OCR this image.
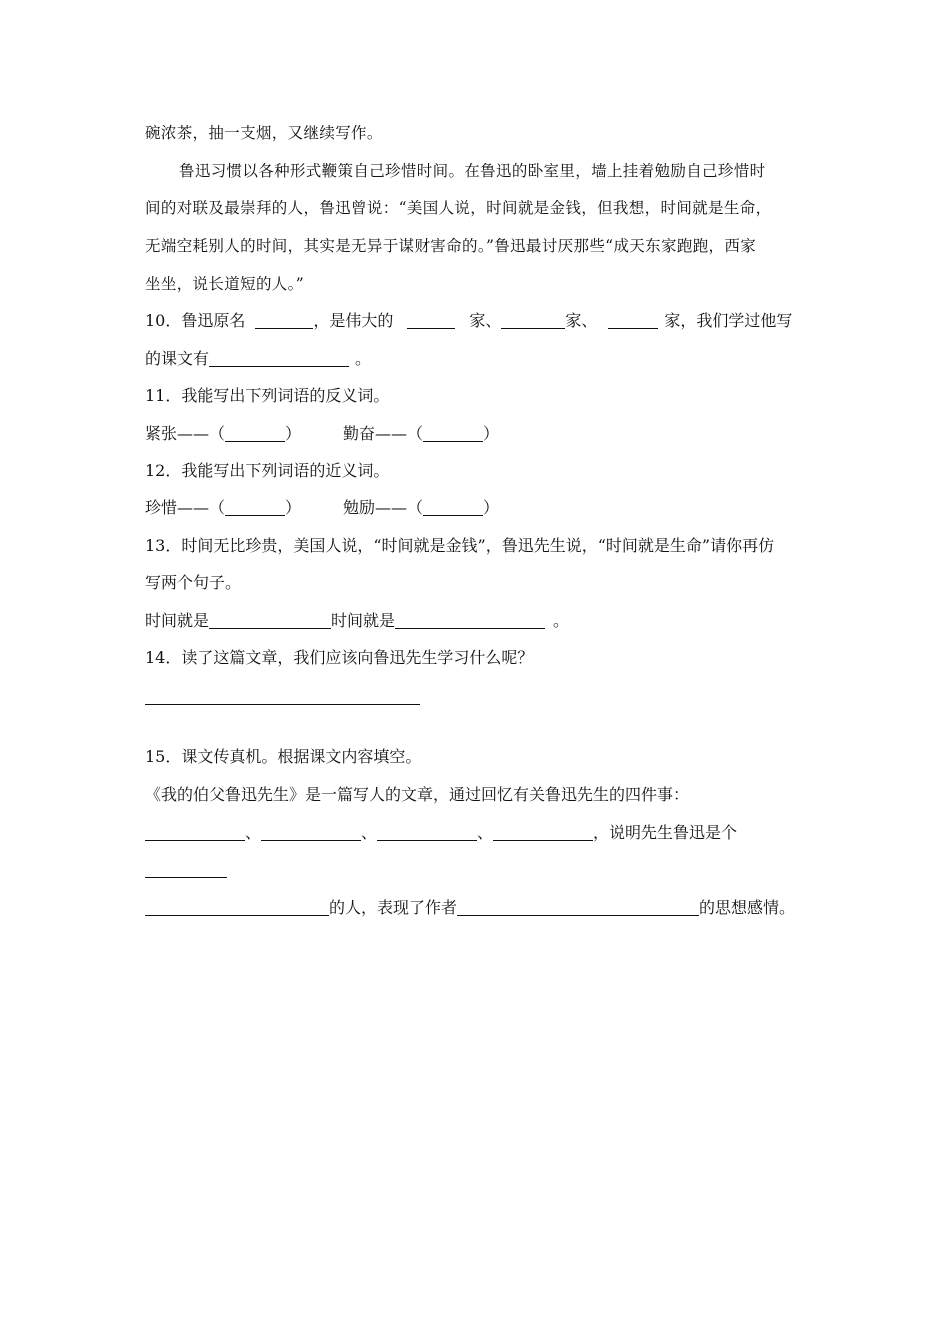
碗浓茶，抽一支烟，又继续写作。
鲁迅习惯以各种形式鞭策自己珍惜时间。在鲁迅的卧室里，墙上挂着勉励自己珍惜时
间的对联及最崇拜的人，鲁迅曾说：“美国人说，时间就是金钱，但我想，时间就是生命，
无端空耗别人的时间，其实是无异于谋财害命的。”鲁迅最讨厌那些“成天东家跑跑，西家
坐坐，说长道短的人。”
10．鲁迅原名	，是伟大的	家、	家、	家，我们学过他写
的课文有	。
11．我能写出下列词语的反义词。
紧张——（	）	勤奋——（	）
12．我能写出下列词语的近义词。
珍惜——（	）	勉励——（	）
13．时间无比珍贵，美国人说，“时间就是金钱”，鲁迅先生说，“时间就是生命”请你再仿
写两个句子。
时间就是	时间就是	。
14．读了这篇文章，我们应该向鲁迅先生学习什么呢？
15．课文传真机。根据课文内容填空。
《我的伯父鲁迅先生》是一篇写人的文章，通过回忆有关鲁迅先生的四件事：
、	、	、	，说明先生鲁迅是个
的人，表现了作者	的思想感情。
